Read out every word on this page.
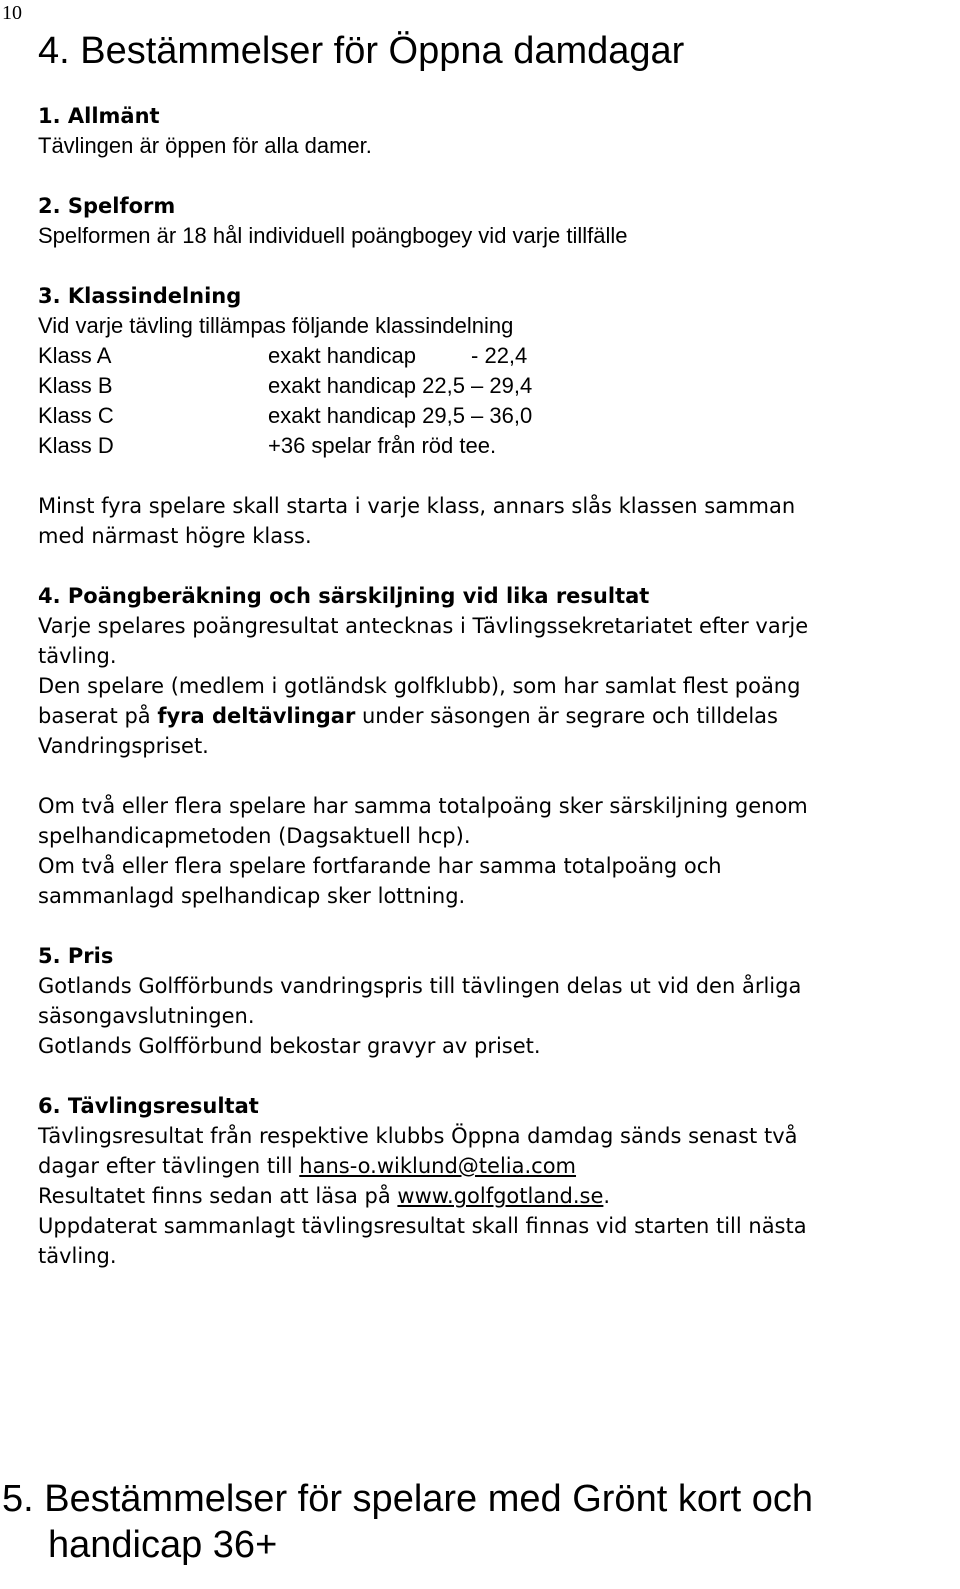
10
4. Bestämmelser för Öppna damdagar
1. Allmänt
Tävlingen är öppen för alla damer.
2. Spelform
Spelformen är 18 hål individuell poängbogey vid varje tillfälle
3. Klassindelning
Vid varje tävling tillämpas följande klassindelning
Klass A	exakt handicap         - 22,4
Klass B	exakt handicap 22,5 – 29,4
Klass C	exakt handicap 29,5 – 36,0
Klass D	+36 spelar från röd tee.
Minst fyra spelare skall starta i varje klass, annars slås klassen samman
med närmast högre klass.
4. Poängberäkning och särskiljning vid lika resultat
Varje spelares poängresultat antecknas i Tävlingssekretariatet efter varje
tävling.
Den spelare (medlem i gotländsk golfklubb), som har samlat flest poäng
baserat på fyra deltävlingar under säsongen är segrare och tilldelas
Vandringspriset.
Om två eller flera spelare har samma totalpoäng sker särskiljning genom
spelhandicapmetoden (Dagsaktuell hcp).
Om två eller flera spelare fortfarande har samma totalpoäng och
sammanlagd spelhandicap sker lottning.
5. Pris
Gotlands Golfförbunds vandringspris till tävlingen delas ut vid den årliga
säsongavslutningen.
Gotlands Golfförbund bekostar gravyr av priset.
6. Tävlingsresultat
Tävlingsresultat från respektive klubbs Öppna damdag sänds senast två
dagar efter tävlingen till hans-o.wiklund@telia.com
Resultatet finns sedan att läsa på www.golfgotland.se.
Uppdaterat sammanlagt tävlingsresultat skall finnas vid starten till nästa
tävling.
5. Bestämmelser för spelare med Grönt kort och
handicap 36+
